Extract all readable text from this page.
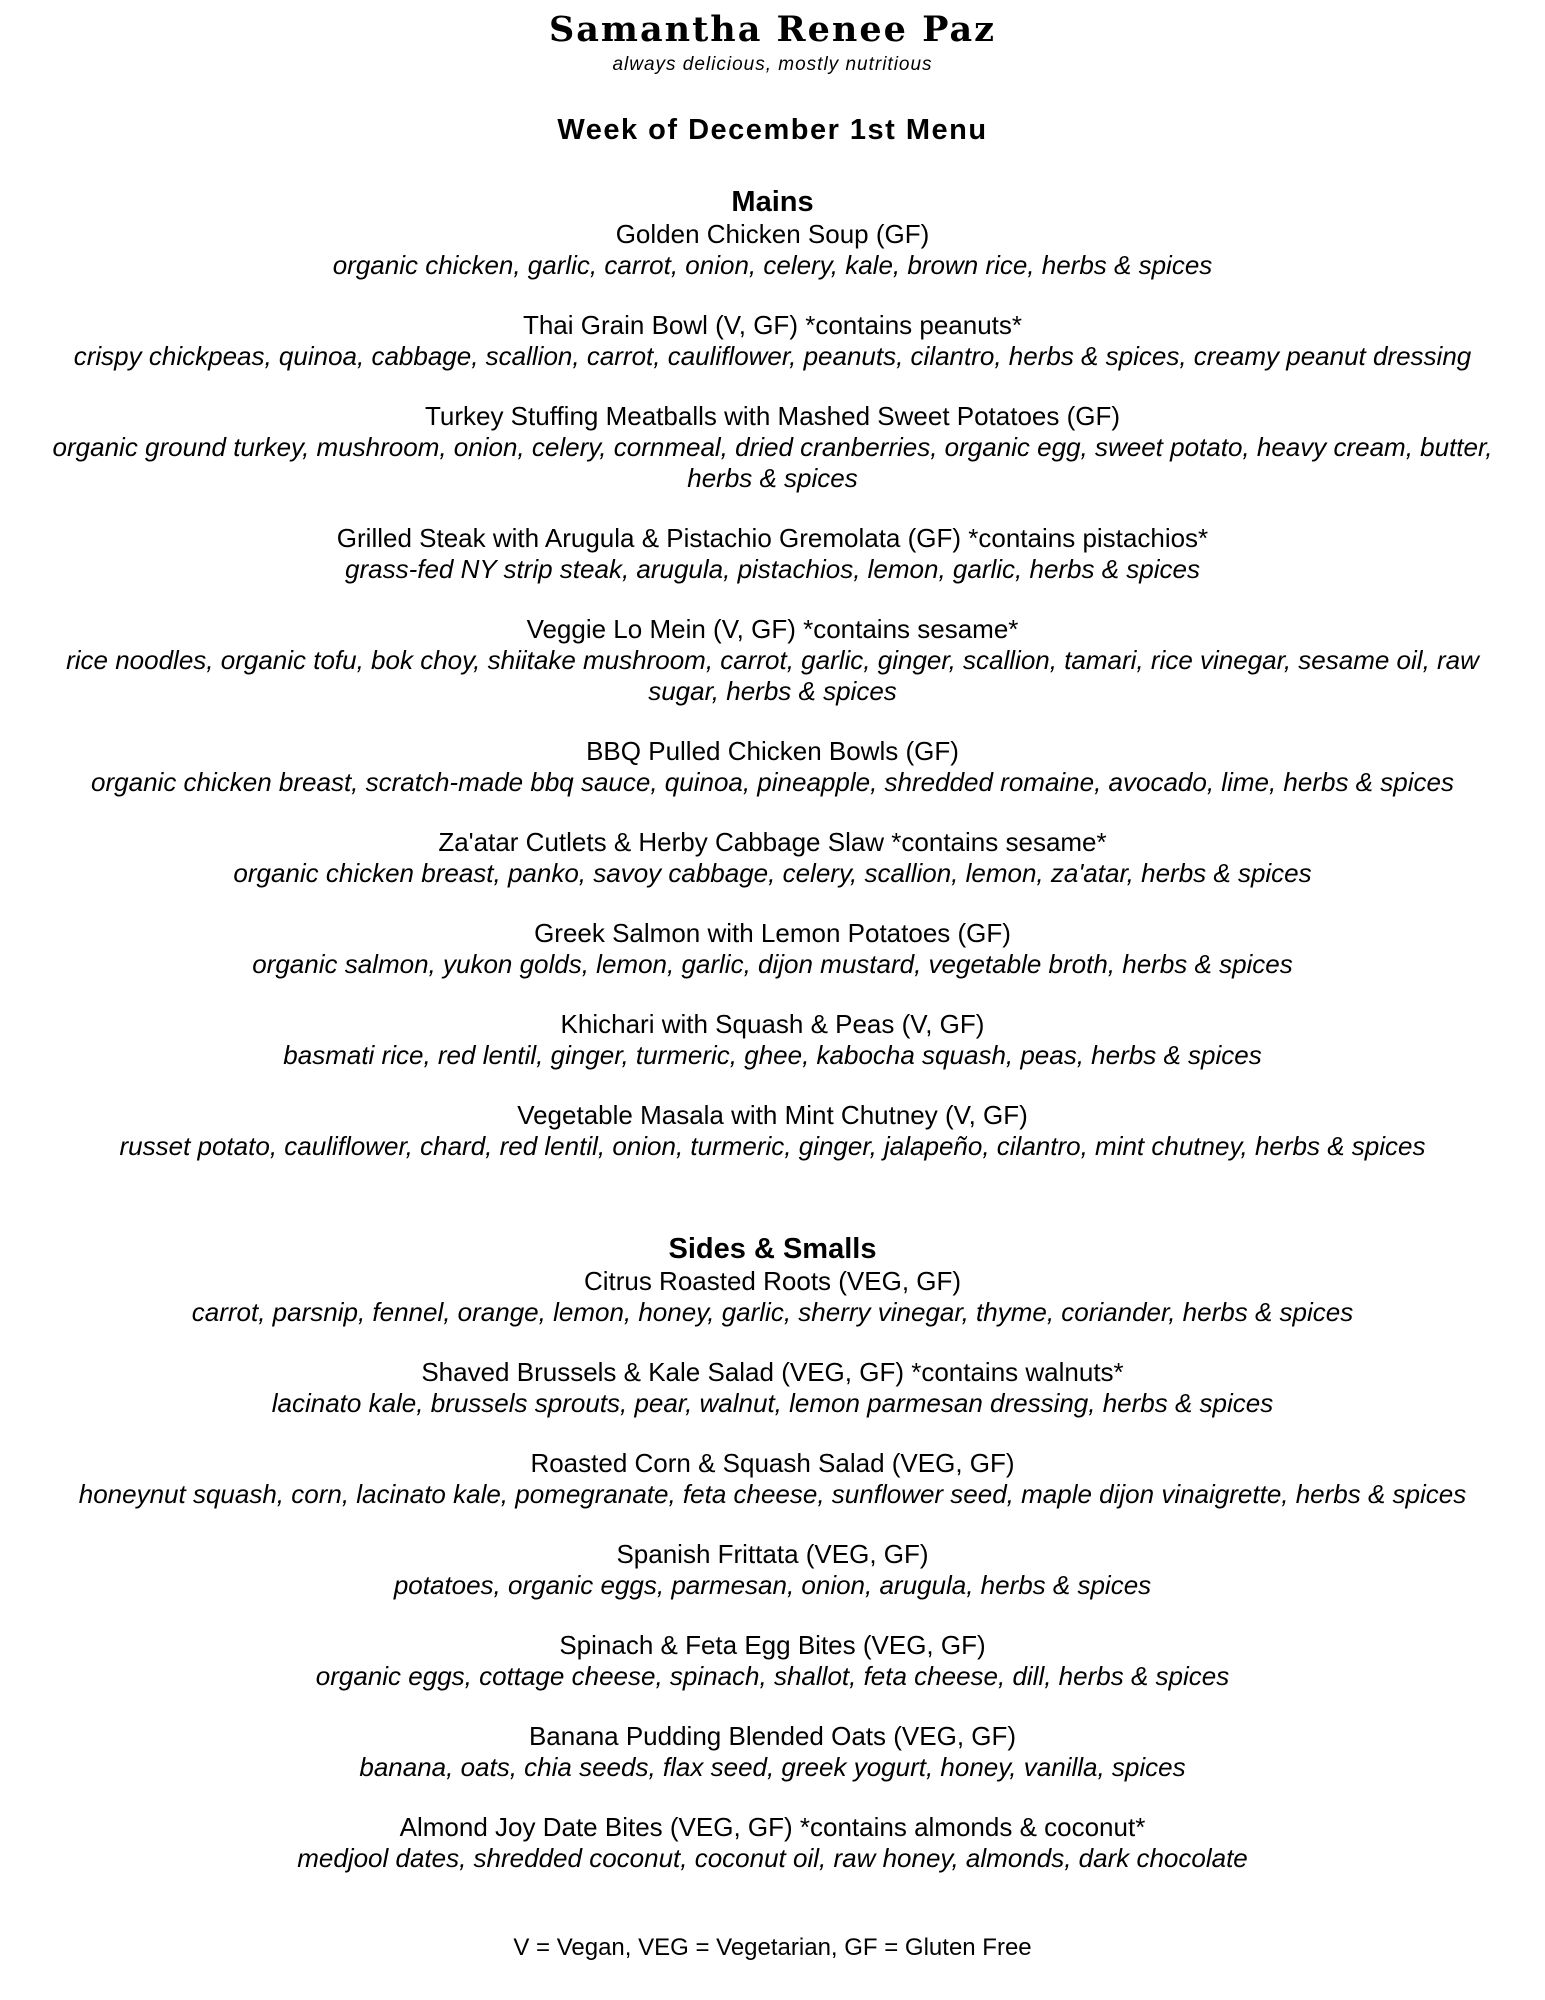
Samantha Renee Paz
always delicious, mostly nutritious
Week of December 1st Menu
Mains
Golden Chicken Soup (GF)
organic chicken, garlic, carrot, onion, celery, kale, brown rice, herbs & spices
Thai Grain Bowl (V, GF) *contains peanuts*
crispy chickpeas, quinoa, cabbage, scallion, carrot, cauliflower, peanuts, cilantro, herbs & spices, creamy peanut dressing
Turkey Stuffing Meatballs with Mashed Sweet Potatoes (GF)
organic ground turkey, mushroom, onion, celery, cornmeal, dried cranberries, organic egg, sweet potato, heavy cream, butter, herbs & spices
Grilled Steak with Arugula & Pistachio Gremolata (GF) *contains pistachios*
grass-fed NY strip steak, arugula, pistachios, lemon, garlic, herbs & spices
Veggie Lo Mein (V, GF) *contains sesame*
rice noodles, organic tofu, bok choy, shiitake mushroom, carrot, garlic, ginger, scallion, tamari, rice vinegar, sesame oil, raw sugar, herbs & spices
BBQ Pulled Chicken Bowls (GF)
organic chicken breast, scratch-made bbq sauce, quinoa, pineapple, shredded romaine, avocado, lime, herbs & spices
Za'atar Cutlets & Herby Cabbage Slaw *contains sesame*
organic chicken breast, panko, savoy cabbage, celery, scallion, lemon, za'atar, herbs & spices
Greek Salmon with Lemon Potatoes (GF)
organic salmon, yukon golds, lemon, garlic, dijon mustard, vegetable broth, herbs & spices
Khichari with Squash & Peas (V, GF)
basmati rice, red lentil, ginger, turmeric, ghee, kabocha squash, peas, herbs & spices
Vegetable Masala with Mint Chutney (V, GF)
russet potato, cauliflower, chard, red lentil, onion, turmeric, ginger, jalapeño, cilantro, mint chutney, herbs & spices
Sides & Smalls
Citrus Roasted Roots (VEG, GF)
carrot, parsnip, fennel, orange, lemon, honey, garlic, sherry vinegar, thyme, coriander, herbs & spices
Shaved Brussels & Kale Salad (VEG, GF) *contains walnuts*
lacinato kale, brussels sprouts, pear, walnut, lemon parmesan dressing, herbs & spices
Roasted Corn & Squash Salad (VEG, GF)
honeynut squash, corn, lacinato kale, pomegranate, feta cheese, sunflower seed, maple dijon vinaigrette, herbs & spices
Spanish Frittata (VEG, GF)
potatoes, organic eggs, parmesan, onion, arugula, herbs & spices
Spinach & Feta Egg Bites (VEG, GF)
organic eggs, cottage cheese, spinach, shallot, feta cheese, dill, herbs & spices
Banana Pudding Blended Oats (VEG, GF)
banana, oats, chia seeds, flax seed, greek yogurt, honey, vanilla, spices
Almond Joy Date Bites (VEG, GF) *contains almonds & coconut*
medjool dates, shredded coconut, coconut oil, raw honey, almonds, dark chocolate
V = Vegan, VEG = Vegetarian, GF = Gluten Free
